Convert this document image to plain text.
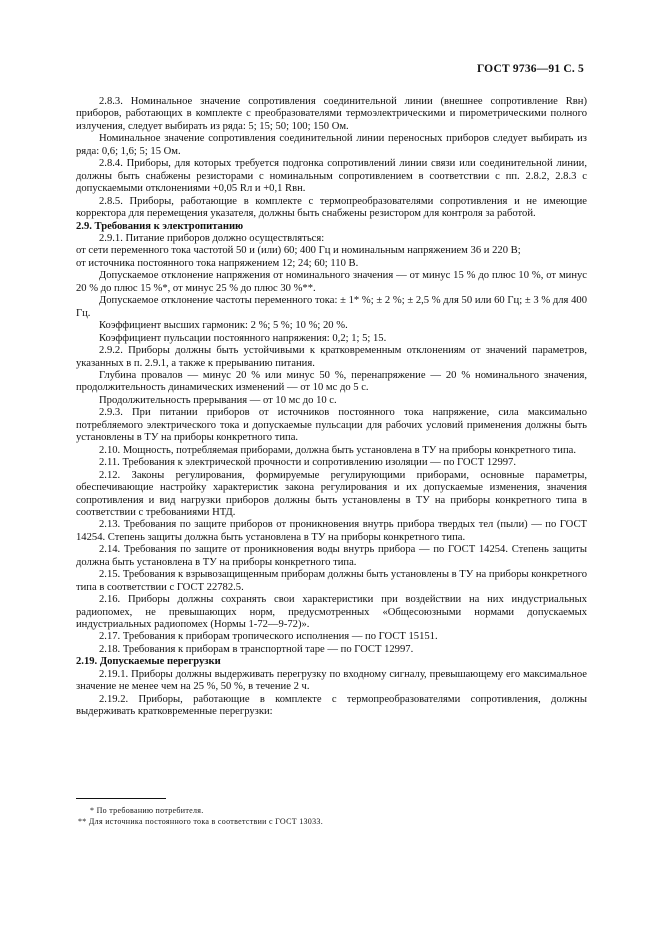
ГОСТ 9736—91 С. 5

2.8.3. Номинальное значение сопротивления соединительной линии (внешнее сопротивление Rвн) приборов, работающих в комплекте с преобразователями термоэлектрическими и пирометрическими полного излучения, следует выбирать из ряда: 5; 15; 50; 100; 150 Ом.

Номинальное значение сопротивления соединительной линии переносных приборов следует выбирать из ряда: 0,6; 1,6; 5; 15 Ом.

2.8.4. Приборы, для которых требуется подгонка сопротивлений линии связи или соединительной линии, должны быть снабжены резисторами с номинальным сопротивлением в соответствии с пп. 2.8.2, 2.8.3 с допускаемыми отклонениями +0,05 Rл и +0,1 Rвн.

2.8.5. Приборы, работающие в комплекте с термопреобразователями сопротивления и не имеющие корректора для перемещения указателя, должны быть снабжены резистором для контроля за работой.

2.9. Требования к электропитанию

2.9.1. Питание приборов должно осуществляться:

от сети переменного тока частотой 50 и (или) 60; 400 Гц и номинальным напряжением 36 и 220 В;

от источника постоянного тока напряжением 12; 24; 60; 110 В.

Допускаемое отклонение напряжения от номинального значения — от минус 15 % до плюс 10 %, от минус 20 % до плюс 15 %*, от минус 25 % до плюс 30 %**.

Допускаемое отклонение частоты переменного тока: ± 1* %; ± 2 %; ± 2,5 % для 50 или 60 Гц; ± 3 % для 400 Гц.

Коэффициент высших гармоник: 2 %; 5 %; 10 %; 20 %.

Коэффициент пульсации постоянного напряжения: 0,2; 1; 5; 15.

2.9.2. Приборы должны быть устойчивыми к кратковременным отклонениям от значений параметров, указанных в п. 2.9.1, а также к прерыванию питания.

Глубина провалов — минус 20 % или минус 50 %, перенапряжение — 20 % номинального значения, продолжительность динамических изменений — от 10 мс до 5 с.

Продолжительность прерывания — от 10 мс до 10 с.

2.9.3. При питании приборов от источников постоянного тока напряжение, сила максимально потребляемого электрического тока и допускаемые пульсации для рабочих условий применения должны быть установлены в ТУ на приборы конкретного типа.

2.10. Мощность, потребляемая приборами, должна быть установлена в ТУ на приборы конкретного типа.

2.11. Требования к электрической прочности и сопротивлению изоляции — по ГОСТ 12997.

2.12. Законы регулирования, формируемые регулирующими приборами, основные параметры, обеспечивающие настройку характеристик закона регулирования и их допускаемые изменения, значения сопротивления и вид нагрузки приборов должны быть установлены в ТУ на приборы конкретного типа в соответствии с требованиями НТД.

2.13. Требования по защите приборов от проникновения внутрь прибора твердых тел (пыли) — по ГОСТ 14254. Степень защиты должна быть установлена в ТУ на приборы конкретного типа.

2.14. Требования по защите от проникновения воды внутрь прибора — по ГОСТ 14254. Степень защиты должна быть установлена в ТУ на приборы конкретного типа.

2.15. Требования к взрывозащищенным приборам должны быть установлены в ТУ на приборы конкретного типа в соответствии с ГОСТ 22782.5.

2.16. Приборы должны сохранять свои характеристики при воздействии на них индустриальных радиопомех, не превышающих норм, предусмотренных «Общесоюзными нормами допускаемых индустриальных радиопомех (Нормы 1-72—9-72)».

2.17. Требования к приборам тропического исполнения — по ГОСТ 15151.

2.18. Требования к приборам в транспортной таре — по ГОСТ 12997.

2.19. Допускаемые перегрузки

2.19.1. Приборы должны выдерживать перегрузку по входному сигналу, превышающему его максимальное значение не менее чем на 25 %, 50 %, в течение 2 ч.

2.19.2. Приборы, работающие в комплекте с термопреобразователями сопротивления, должны выдерживать кратковременные перегрузки:

* По требованию потребителя.
** Для источника постоянного тока в соответствии с ГОСТ 13033.
